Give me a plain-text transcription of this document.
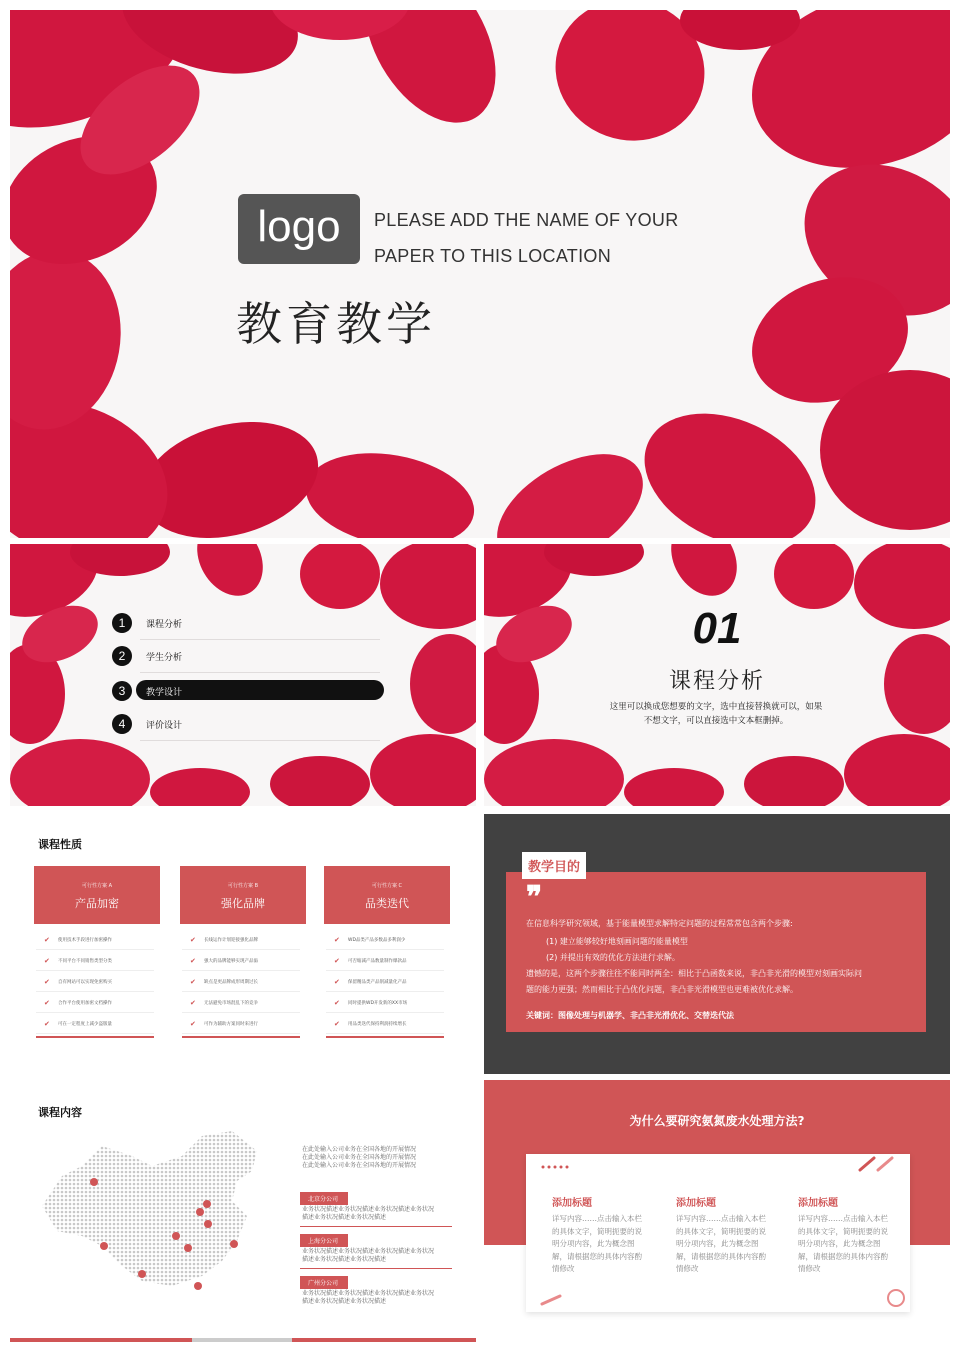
logo	PLEASE ADD THE NAME OF YOUR
PAPER TO THIS LOCATION
教育教学
1	课程分析
2	学生分析
3	教学设计
4	评价设计
01
课程分析
这里可以换成您想要的文字，选中直接替换就可以，如果
不想文字，可以直接选中文本框删掉。
课程性质
可行性方案 A
产品加密
可行性方案 B
强化品牌
可行性方案 C
品类迭代
✔	使用技术手段进行加密操作
✔	不同平台不同销售类型分类
✔	自有网站可以实现免密购买
✔	合作平台使用加密文档操作
✔	可在一定程度上减少盗版量
✔	长线运作计划迎接强化品牌
✔	强大的品牌能够实现产品溢
✔	缺点是更品牌成形周期过长
✔	无法避免市场混乱下的竞争
✔	可作为辅助方案同时来进行
✔	WD品类产品多数品多利润少
✔	可否缩减产品数量制作爆款品
✔	保留精品类产品削减量化产品
✔	同时提供WD开发新的XX市场
✔	用品类迭代保持利润持续增长
教学目的
❞
在信息科学研究领域，基于能量模型求解特定问题的过程常常包含两个步骤:
(1) 建立能够较好地刻画问题的能量模型
(2) 并提出有效的优化方法进行求解。
遗憾的是，这两个步骤往往不能同时两全：相比于凸函数来说，非凸非光滑的模型对刻画实际问
题的能力更强；然而相比于凸优化问题，非凸非光滑模型也更难被优化求解。
关键词：图像处理与机器学、非凸非光滑优化、交替迭代法
课程内容
在此处输入公司业务在全国各地的开展情况
在此处输入公司业务在全国各地的开展情况
在此处输入公司业务在全国各地的开展情况
北京分公司
业务状况描述业务状况描述业务状况描述业务状况
描述业务状况描述业务状况描述
上海分公司
业务状况描述业务状况描述业务状况描述业务状况
描述业务状况描述业务状况描述
广州分公司
业务状况描述业务状况描述业务状况描述业务状况
描述业务状况描述业务状况描述
为什么要研究氨氮废水处理方法?
添加标题
详写内容……点击输入本栏的具体文字，简明扼要的说明分项内容，此为概念图解，请根据您的具体内容酌情修改
添加标题
详写内容……点击输入本栏的具体文字，简明扼要的说明分项内容，此为概念图解，请根据您的具体内容酌情修改
添加标题
详写内容……点击输入本栏的具体文字，简明扼要的说明分项内容，此为概念图解，请根据您的具体内容酌情修改
